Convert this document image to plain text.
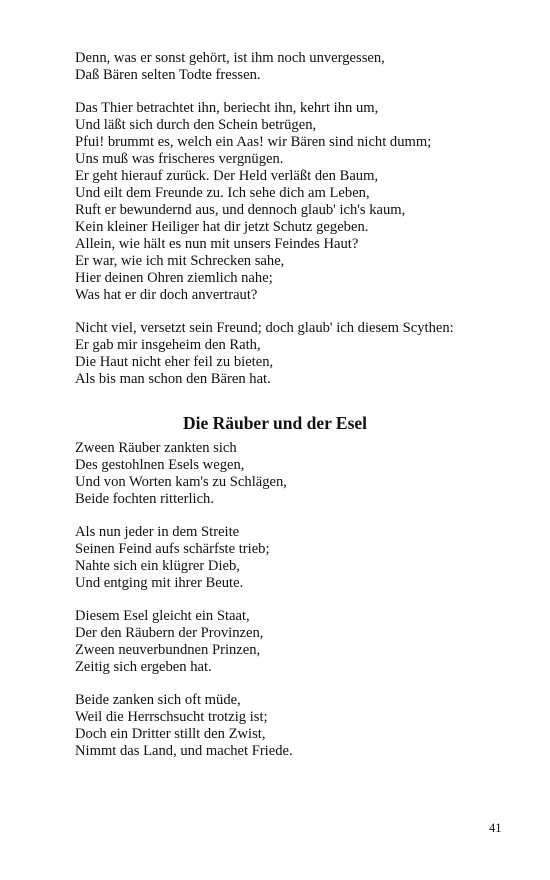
Denn, was er sonst gehört, ist ihm noch unvergessen,
Daß Bären selten Todte fressen.
Das Thier betrachtet ihn, beriecht ihn, kehrt ihn um,
Und läßt sich durch den Schein betrügen,
Pfui! brummt es, welch ein Aas! wir Bären sind nicht dumm;
Uns muß was frischeres vergnügen.
Er geht hierauf zurück. Der Held verläßt den Baum,
Und eilt dem Freunde zu. Ich sehe dich am Leben,
Ruft er bewundernd aus, und dennoch glaub' ich's kaum,
Kein kleiner Heiliger hat dir jetzt Schutz gegeben.
Allein, wie hält es nun mit unsers Feindes Haut?
Er war, wie ich mit Schrecken sahe,
Hier deinen Ohren ziemlich nahe;
Was hat er dir doch anvertraut?
Nicht viel, versetzt sein Freund; doch glaub' ich diesem Scythen:
Er gab mir insgeheim den Rath,
Die Haut nicht eher feil zu bieten,
Als bis man schon den Bären hat.
Die Räuber und der Esel
Zween Räuber zankten sich
Des gestohlnen Esels wegen,
Und von Worten kam's zu Schlägen,
Beide fochten ritterlich.
Als nun jeder in dem Streite
Seinen Feind aufs schärfste trieb;
Nahte sich ein klügrer Dieb,
Und entging mit ihrer Beute.
Diesem Esel gleicht ein Staat,
Der den Räubern der Provinzen,
Zween neuverbundnen Prinzen,
Zeitig sich ergeben hat.
Beide zanken sich oft müde,
Weil die Herrschsucht trotzig ist;
Doch ein Dritter stillt den Zwist,
Nimmt das Land, und machet Friede.
41
